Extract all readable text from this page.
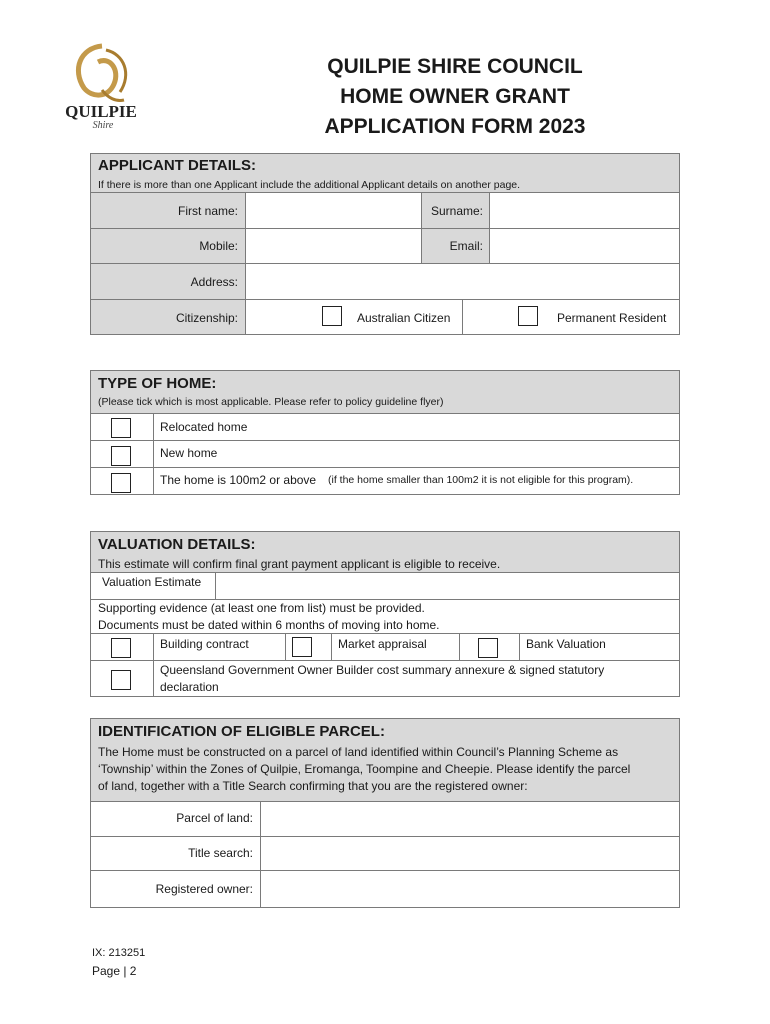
QUILPIE
Shire
QUILPIE SHIRE COUNCIL
HOME OWNER GRANT
APPLICATION FORM 2023
APPLICANT DETAILS:
If there is more than one Applicant include the additional Applicant details on another page.
First name:	Surname:
Mobile:	Email:
Address:
Citizenship:	Australian Citizen	Permanent Resident
TYPE OF HOME:
(Please tick which is most applicable. Please refer to policy guideline flyer)
Relocated home
New home
The home is 100m2 or above (if the home smaller than 100m2 it is not eligible for this program).
VALUATION DETAILS:
This estimate will confirm final grant payment applicant is eligible to receive.
Valuation Estimate
Supporting evidence (at least one from list) must be provided.
Documents must be dated within 6 months of moving into home.
Building contract	Market appraisal	Bank Valuation
Queensland Government Owner Builder cost summary annexure & signed statutory
declaration
IDENTIFICATION OF ELIGIBLE PARCEL:
The Home must be constructed on a parcel of land identified within Council’s Planning Scheme as
‘Township’ within the Zones of Quilpie, Eromanga, Toompine and Cheepie. Please identify the parcel
of land, together with a Title Search confirming that you are the registered owner:
Parcel of land:
Title search:
Registered owner:
IX: 213251
Page | 2
